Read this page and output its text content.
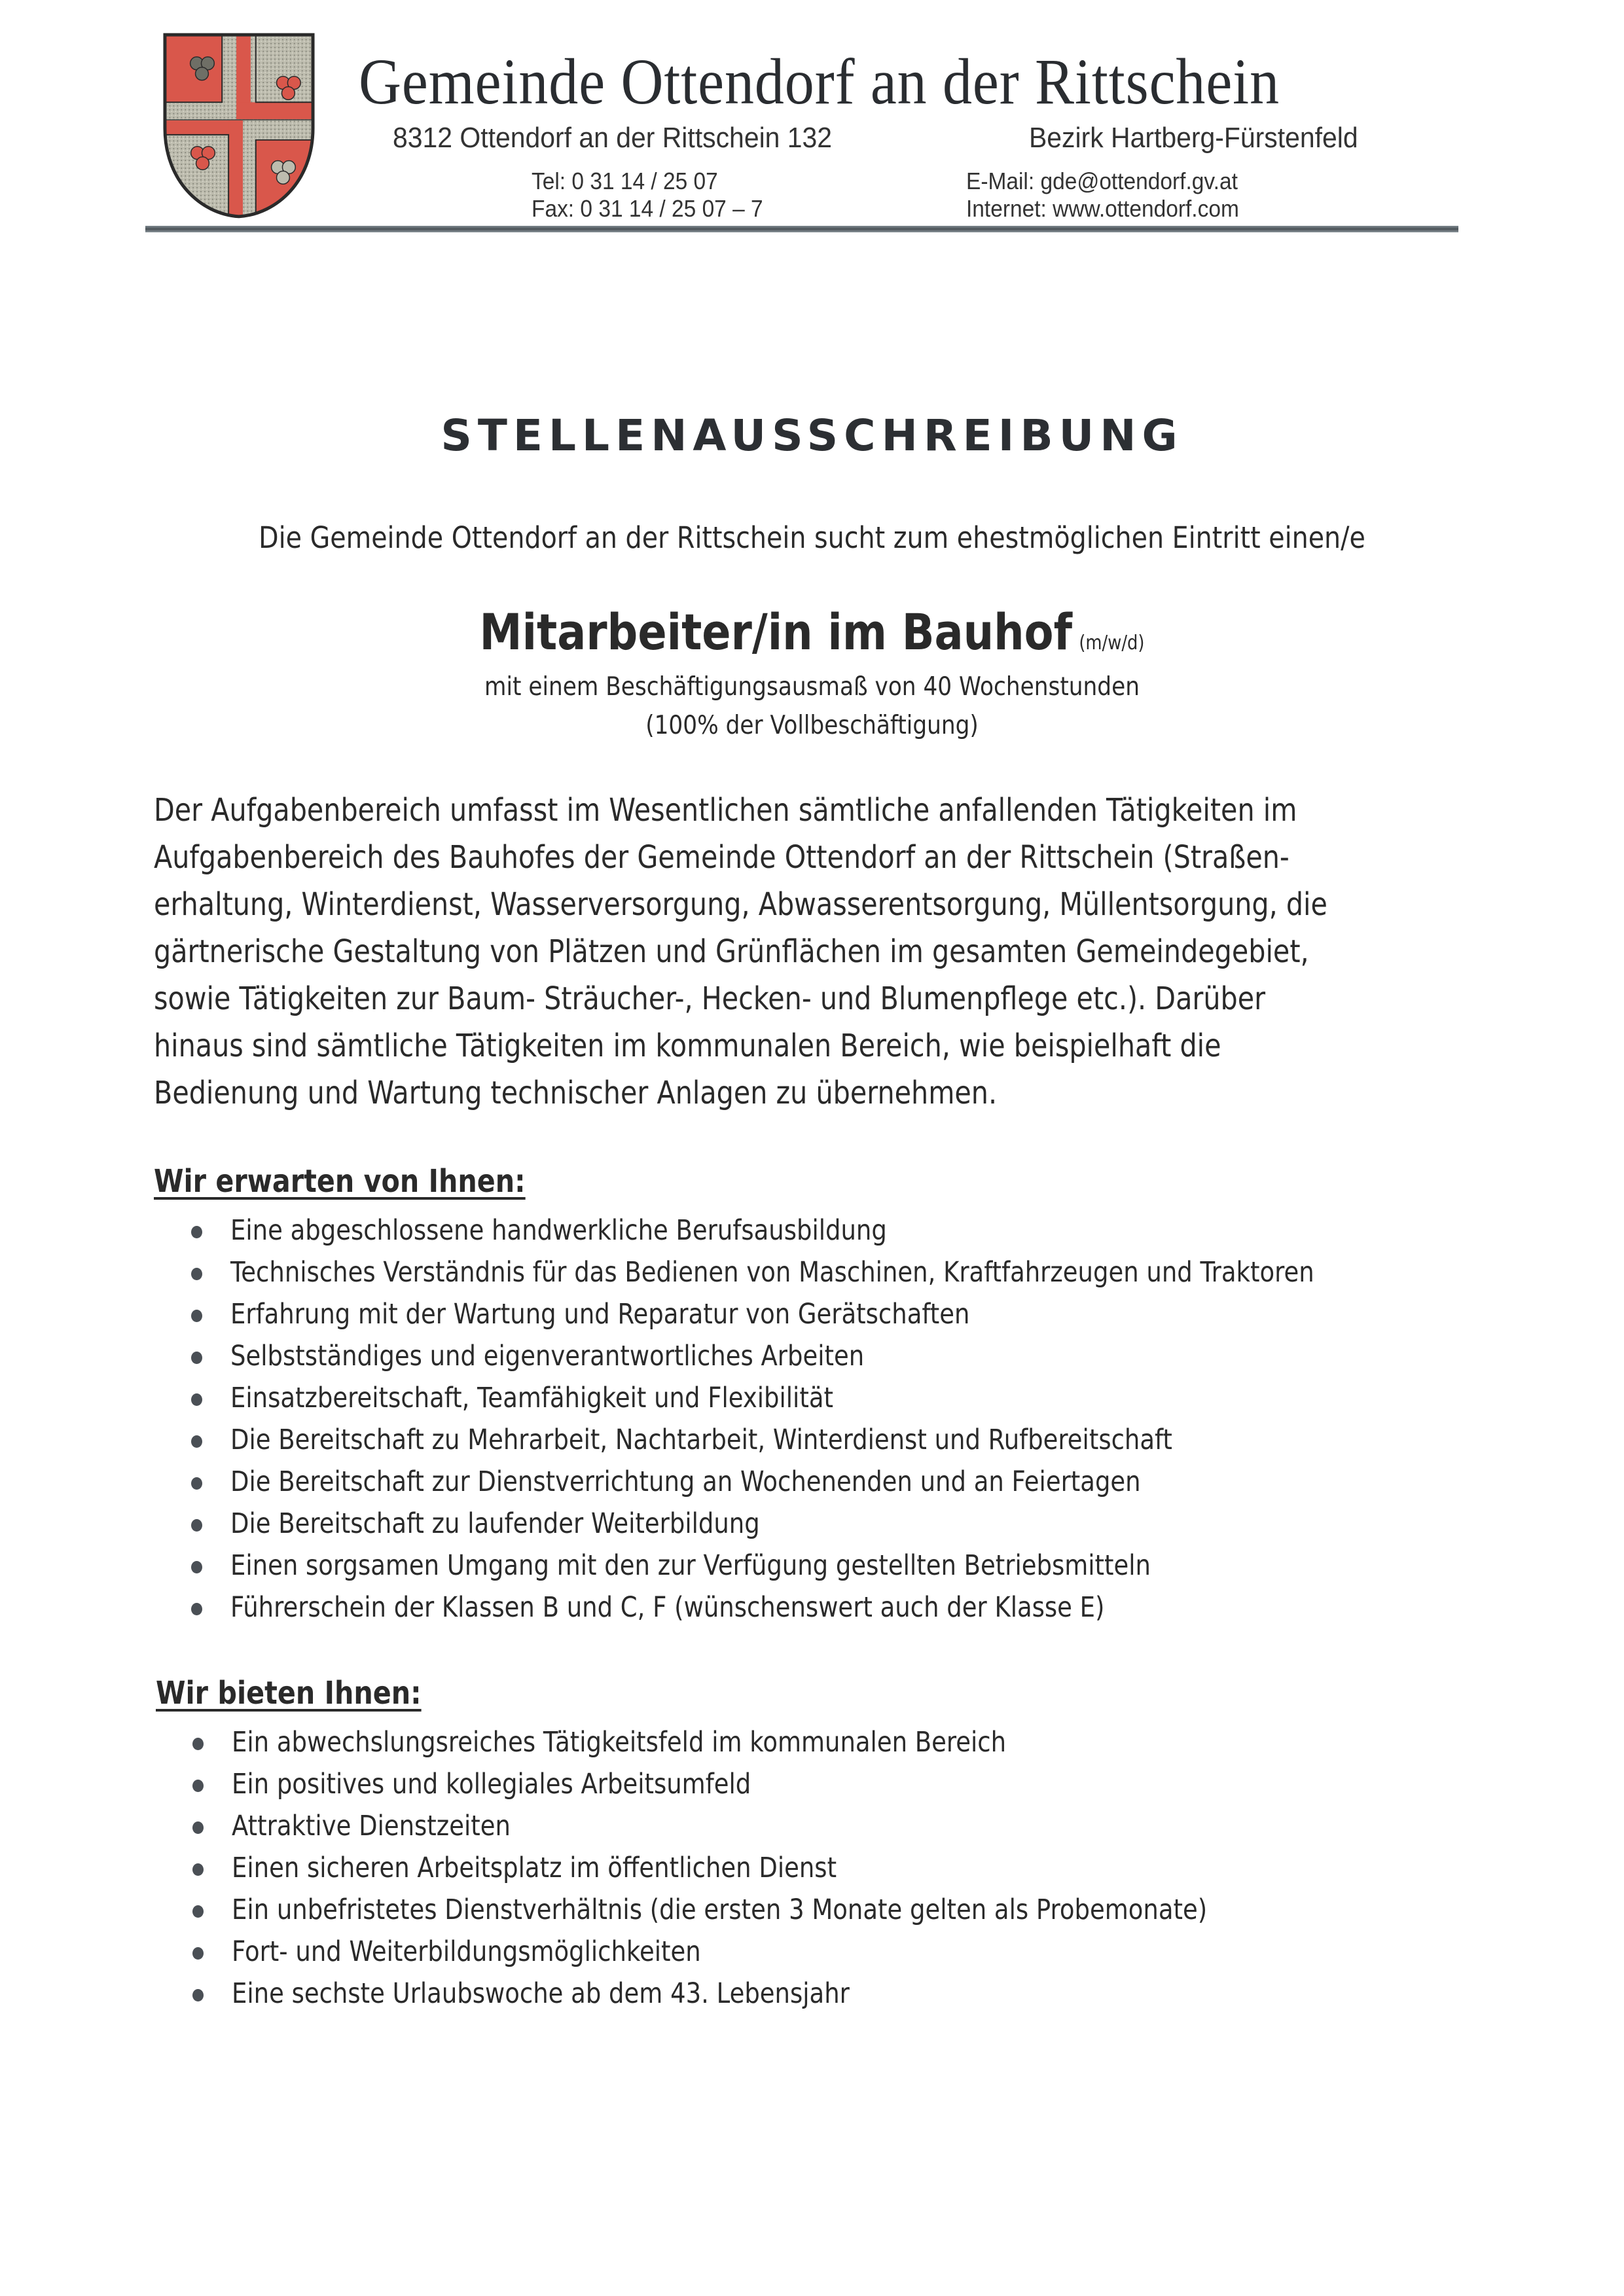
Gemeinde Ottendorf an der Rittschein
8312 Ottendorf an der Rittschein 132	Bezirk Hartberg-Fürstenfeld
Tel: 0 31 14 / 25 07
Fax: 0 31 14 / 25 07 – 7
E-Mail: gde@ottendorf.gv.at
Internet: www.ottendorf.com
STELLENAUSSCHREIBUNG
Die Gemeinde Ottendorf an der Rittschein sucht zum ehestmöglichen Eintritt einen/e
Mitarbeiter/in im Bauhof (m/w/d)
mit einem Beschäftigungsausmaß von 40 Wochenstunden
(100% der Vollbeschäftigung)
Der Aufgabenbereich umfasst im Wesentlichen sämtliche anfallenden Tätigkeiten im
Aufgabenbereich des Bauhofes der Gemeinde Ottendorf an der Rittschein (Straßen-
erhaltung, Winterdienst, Wasserversorgung, Abwasserentsorgung, Müllentsorgung, die
gärtnerische Gestaltung von Plätzen und Grünflächen im gesamten Gemeindegebiet,
sowie Tätigkeiten zur Baum- Sträucher-, Hecken- und Blumenpflege etc.). Darüber
hinaus sind sämtliche Tätigkeiten im kommunalen Bereich, wie beispielhaft die
Bedienung und Wartung technischer Anlagen zu übernehmen.
Wir erwarten von Ihnen:
Eine abgeschlossene handwerkliche Berufsausbildung
Technisches Verständnis für das Bedienen von Maschinen, Kraftfahrzeugen und Traktoren
Erfahrung mit der Wartung und Reparatur von Gerätschaften
Selbstständiges und eigenverantwortliches Arbeiten
Einsatzbereitschaft, Teamfähigkeit und Flexibilität
Die Bereitschaft zu Mehrarbeit, Nachtarbeit, Winterdienst und Rufbereitschaft
Die Bereitschaft zur Dienstverrichtung an Wochenenden und an Feiertagen
Die Bereitschaft zu laufender Weiterbildung
Einen sorgsamen Umgang mit den zur Verfügung gestellten Betriebsmitteln
Führerschein der Klassen B und C, F (wünschenswert auch der Klasse E)
Wir bieten Ihnen:
Ein abwechslungsreiches Tätigkeitsfeld im kommunalen Bereich
Ein positives und kollegiales Arbeitsumfeld
Attraktive Dienstzeiten
Einen sicheren Arbeitsplatz im öffentlichen Dienst
Ein unbefristetes Dienstverhältnis (die ersten 3 Monate gelten als Probemonate)
Fort- und Weiterbildungsmöglichkeiten
Eine sechste Urlaubswoche ab dem 43. Lebensjahr
